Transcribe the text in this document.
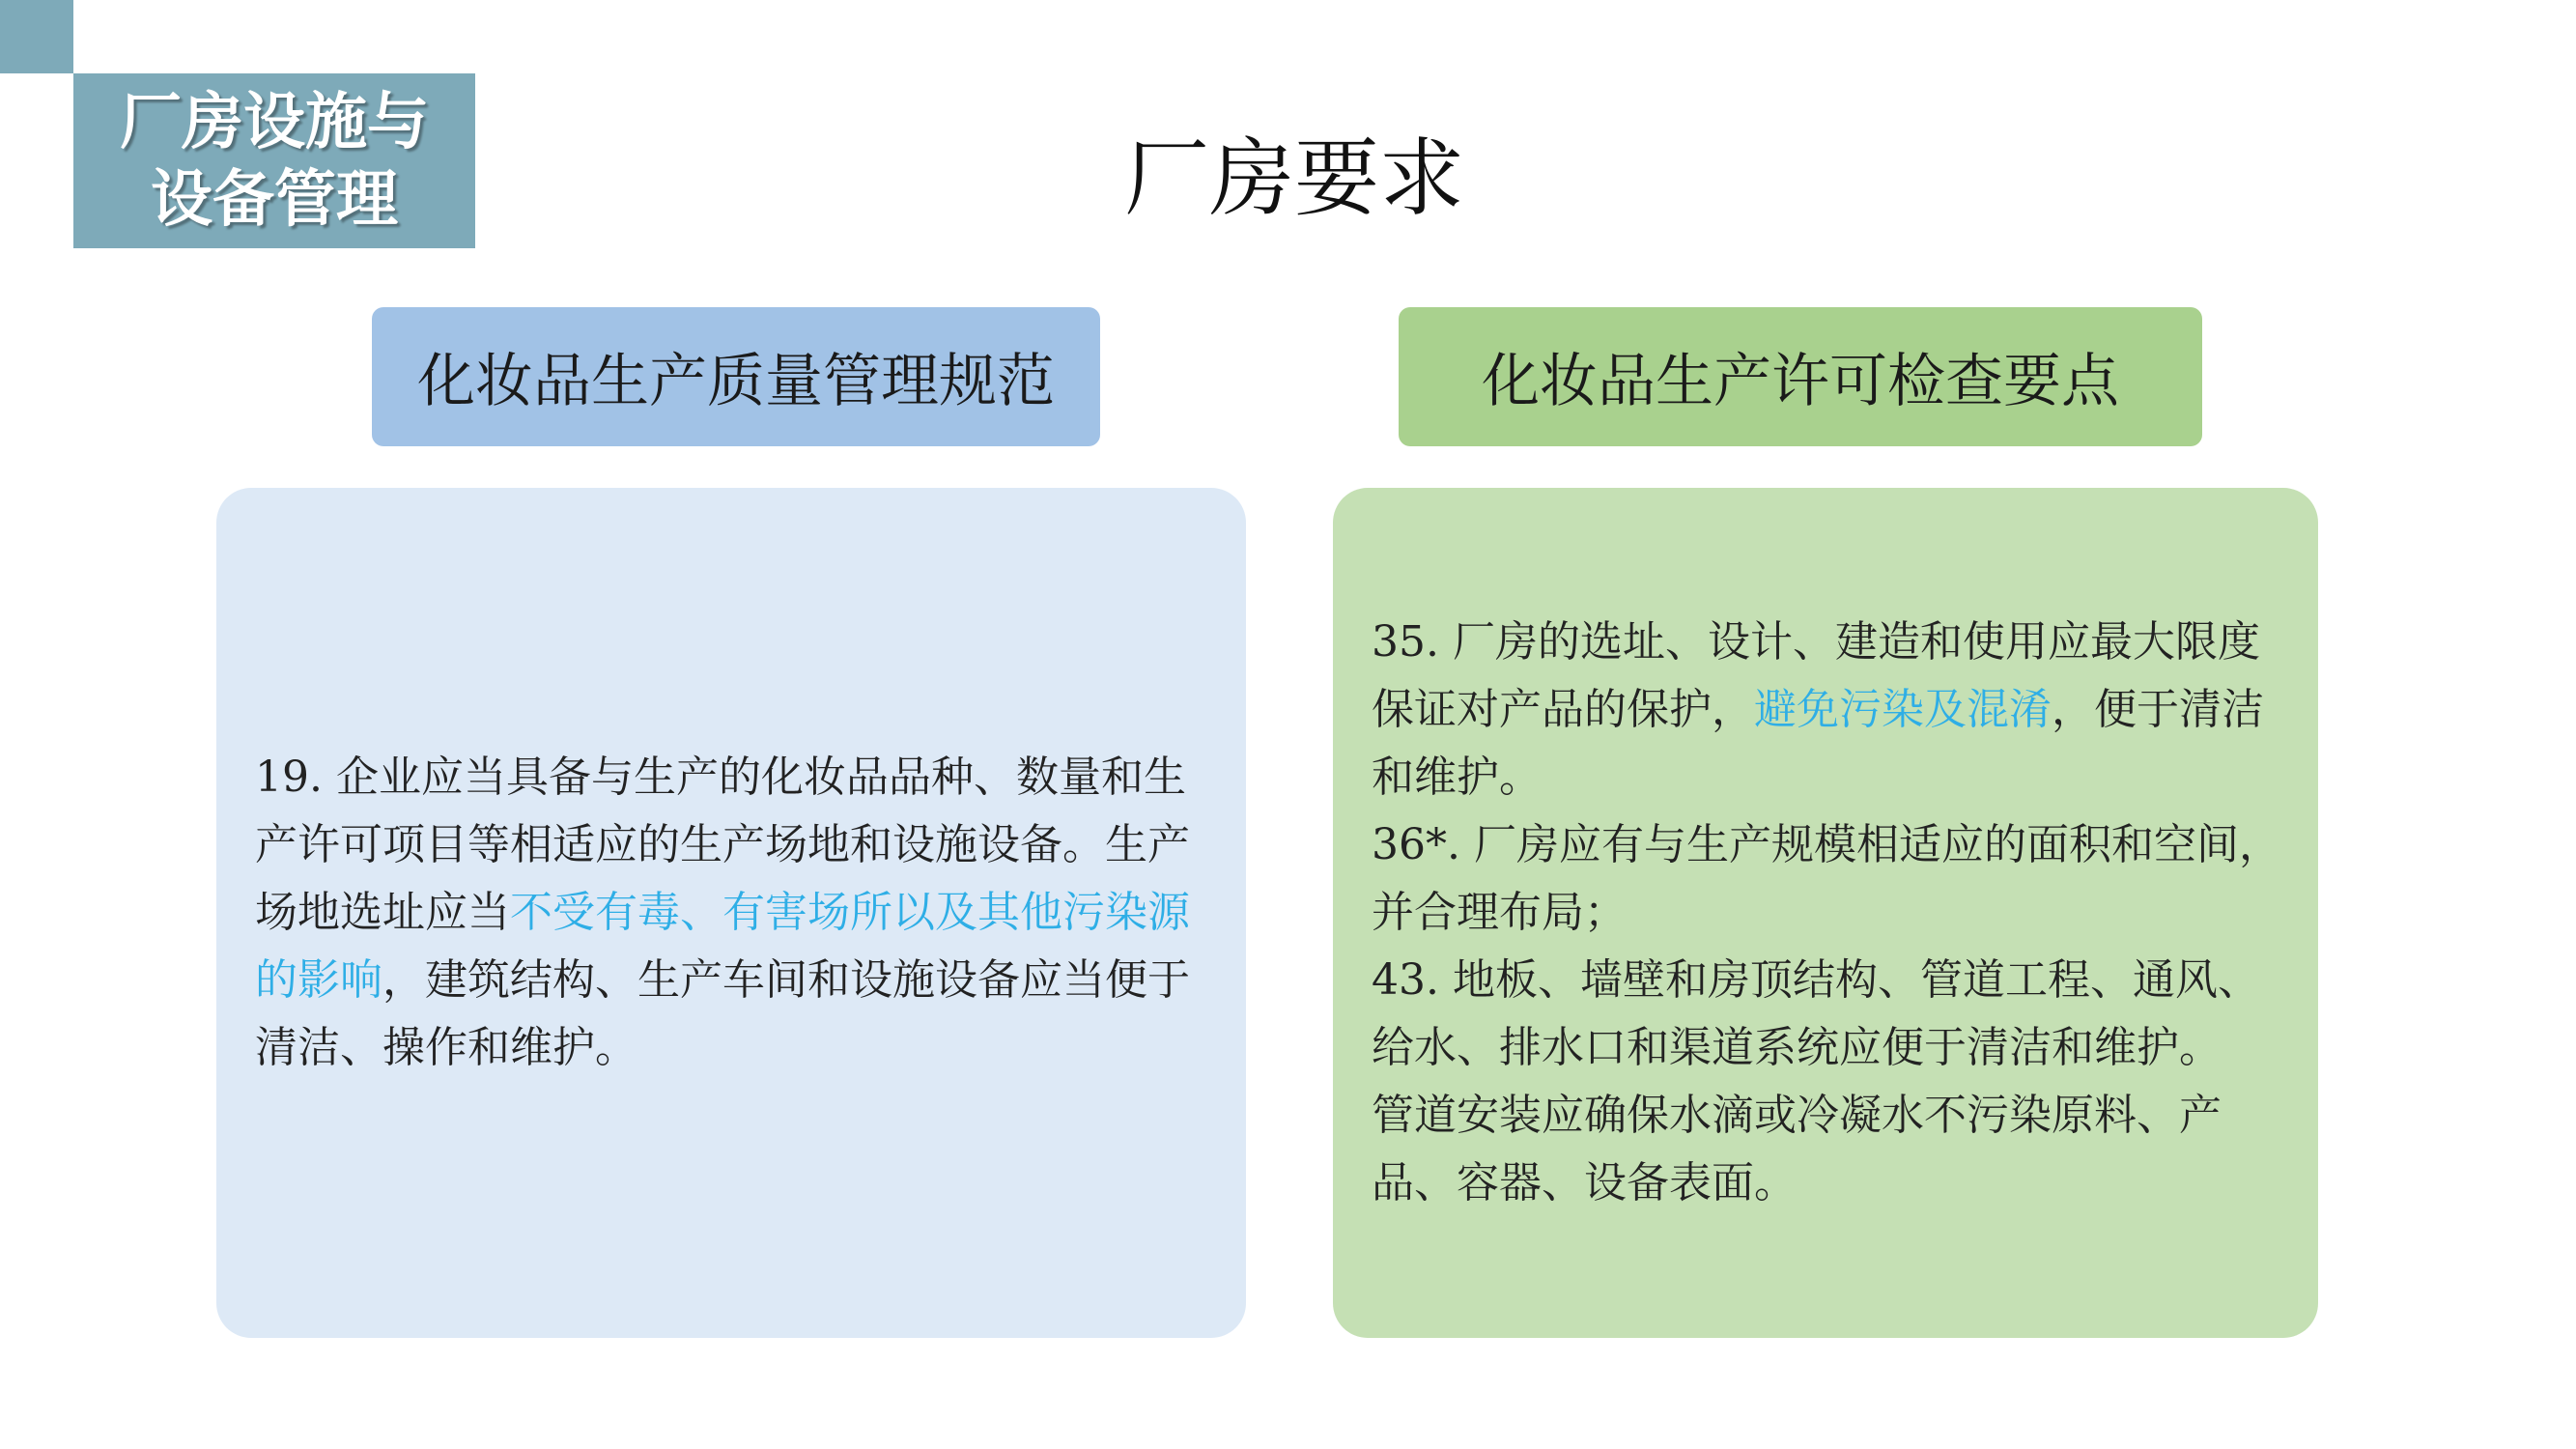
厂房设施与
设备管理	厂房要求
化妆品生产质量管理规范	化妆品生产许可检查要点

19. 企业应当具备与生产的化妆品品种、数量和生产许可项目等相适应的生产场地和设施设备。生产场地选址应当不受有毒、有害场所以及其他污染源的影响，建筑结构、生产车间和设施设备应当便于清洁、操作和维护。

35. 厂房的选址、设计、建造和使用应最大限度保证对产品的保护，避免污染及混淆，便于清洁和维护。

36*. 厂房应有与生产规模相适应的面积和空间，并合理布局；

43. 地板、墙壁和房顶结构、管道工程、通风、给水、排水口和渠道系统应便于清洁和维护。

管道安装应确保水滴或冷凝水不污染原料、产品、容器、设备表面。
